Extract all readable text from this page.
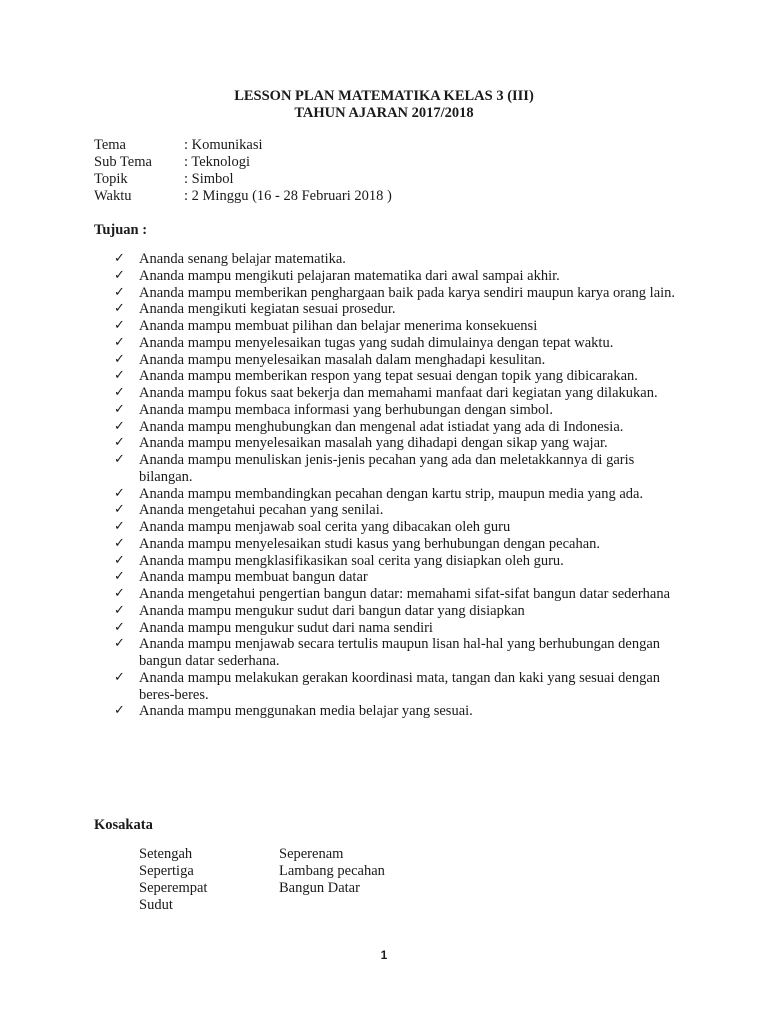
LESSON PLAN MATEMATIKA KELAS 3 (III)
TAHUN AJARAN 2017/2018
Tema	: Komunikasi
Sub Tema	: Teknologi
Topik	: Simbol
Waktu	: 2 Minggu (16 - 28 Februari 2018 )
Tujuan :
✓ Ananda senang belajar matematika.
✓ Ananda mampu mengikuti pelajaran matematika dari awal sampai akhir.
✓ Ananda mampu memberikan penghargaan baik pada karya sendiri maupun karya orang lain.
✓ Ananda mengikuti kegiatan sesuai prosedur.
✓ Ananda mampu membuat pilihan dan belajar menerima konsekuensi
✓ Ananda mampu menyelesaikan tugas yang sudah dimulainya dengan tepat waktu.
✓ Ananda mampu menyelesaikan masalah dalam menghadapi kesulitan.
✓ Ananda mampu memberikan respon yang tepat sesuai dengan topik yang dibicarakan.
✓ Ananda mampu fokus saat bekerja dan memahami manfaat dari kegiatan yang dilakukan.
✓ Ananda mampu membaca informasi yang berhubungan dengan simbol.
✓ Ananda mampu menghubungkan dan mengenal adat istiadat yang ada di Indonesia.
✓ Ananda mampu menyelesaikan masalah yang dihadapi dengan sikap yang wajar.
✓ Ananda mampu menuliskan jenis-jenis pecahan yang ada dan meletakkannya di garis bilangan.
✓ Ananda mampu membandingkan pecahan dengan kartu strip, maupun media yang ada.
✓ Ananda mengetahui pecahan yang senilai.
✓ Ananda mampu menjawab soal cerita yang dibacakan oleh guru
✓ Ananda mampu menyelesaikan studi kasus yang berhubungan dengan pecahan.
✓ Ananda mampu mengklasifikasikan soal cerita yang disiapkan oleh guru.
✓ Ananda mampu membuat bangun datar
✓ Ananda mengetahui pengertian bangun datar: memahami sifat-sifat bangun datar sederhana
✓ Ananda mampu mengukur sudut dari bangun datar yang disiapkan
✓ Ananda mampu mengukur sudut dari nama sendiri
✓ Ananda mampu menjawab secara tertulis maupun lisan hal-hal yang berhubungan dengan bangun datar sederhana.
✓ Ananda mampu melakukan gerakan koordinasi mata, tangan dan kaki yang sesuai dengan beres-beres.
✓ Ananda mampu menggunakan media belajar yang sesuai.
Kosakata
Setengah	Seperenam
Sepertiga	Lambang pecahan
Seperempat	Bangun Datar
Sudut
1
